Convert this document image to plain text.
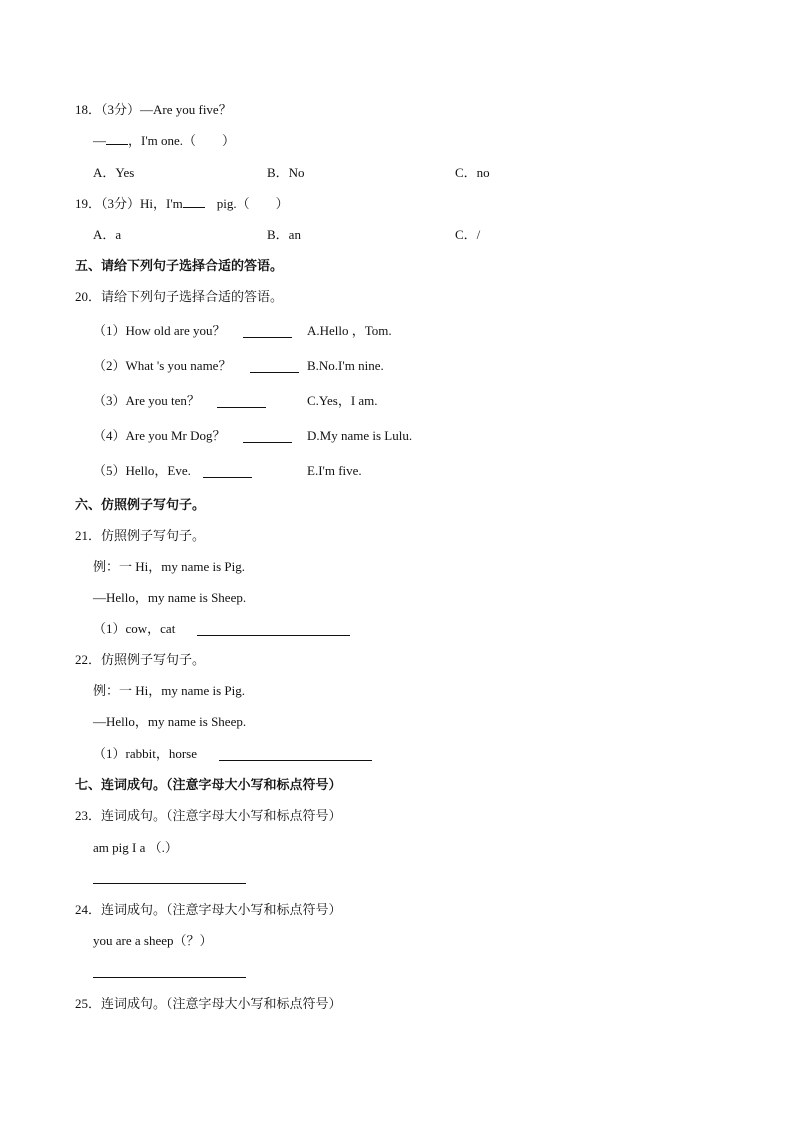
18．（3分）—Are you five？
— ，I'm one.（　　）
A．Yes	B．No	C．no
19．（3分）Hi，I'm	pig.（　　）
A．a	B．an	C．/
五、请给下列句子选择合适的答语。
20．请给下列句子选择合适的答语。
（1）How old are you？	A.Hello ，Tom.
（2）What 's you name？	B.No.I'm nine.
（3）Are you ten？	C.Yes，I am.
（4）Are you Mr Dog？	D.My name is Lulu.
（5）Hello，Eve.	E.I'm five.
六、仿照例子写句子。
21．仿照例子写句子。
例：一 Hi，my name is Pig.
—Hello，my name is Sheep.
（1）cow，cat
22．仿照例子写句子。
例：一 Hi，my name is Pig.
—Hello，my name is Sheep.
（1）rabbit，horse
七、连词成句。（注意字母大小写和标点符号）
23．连词成句。（注意字母大小写和标点符号）
am pig I a （.）
24．连词成句。（注意字母大小写和标点符号）
you are a sheep（？）
25．连词成句。（注意字母大小写和标点符号）
